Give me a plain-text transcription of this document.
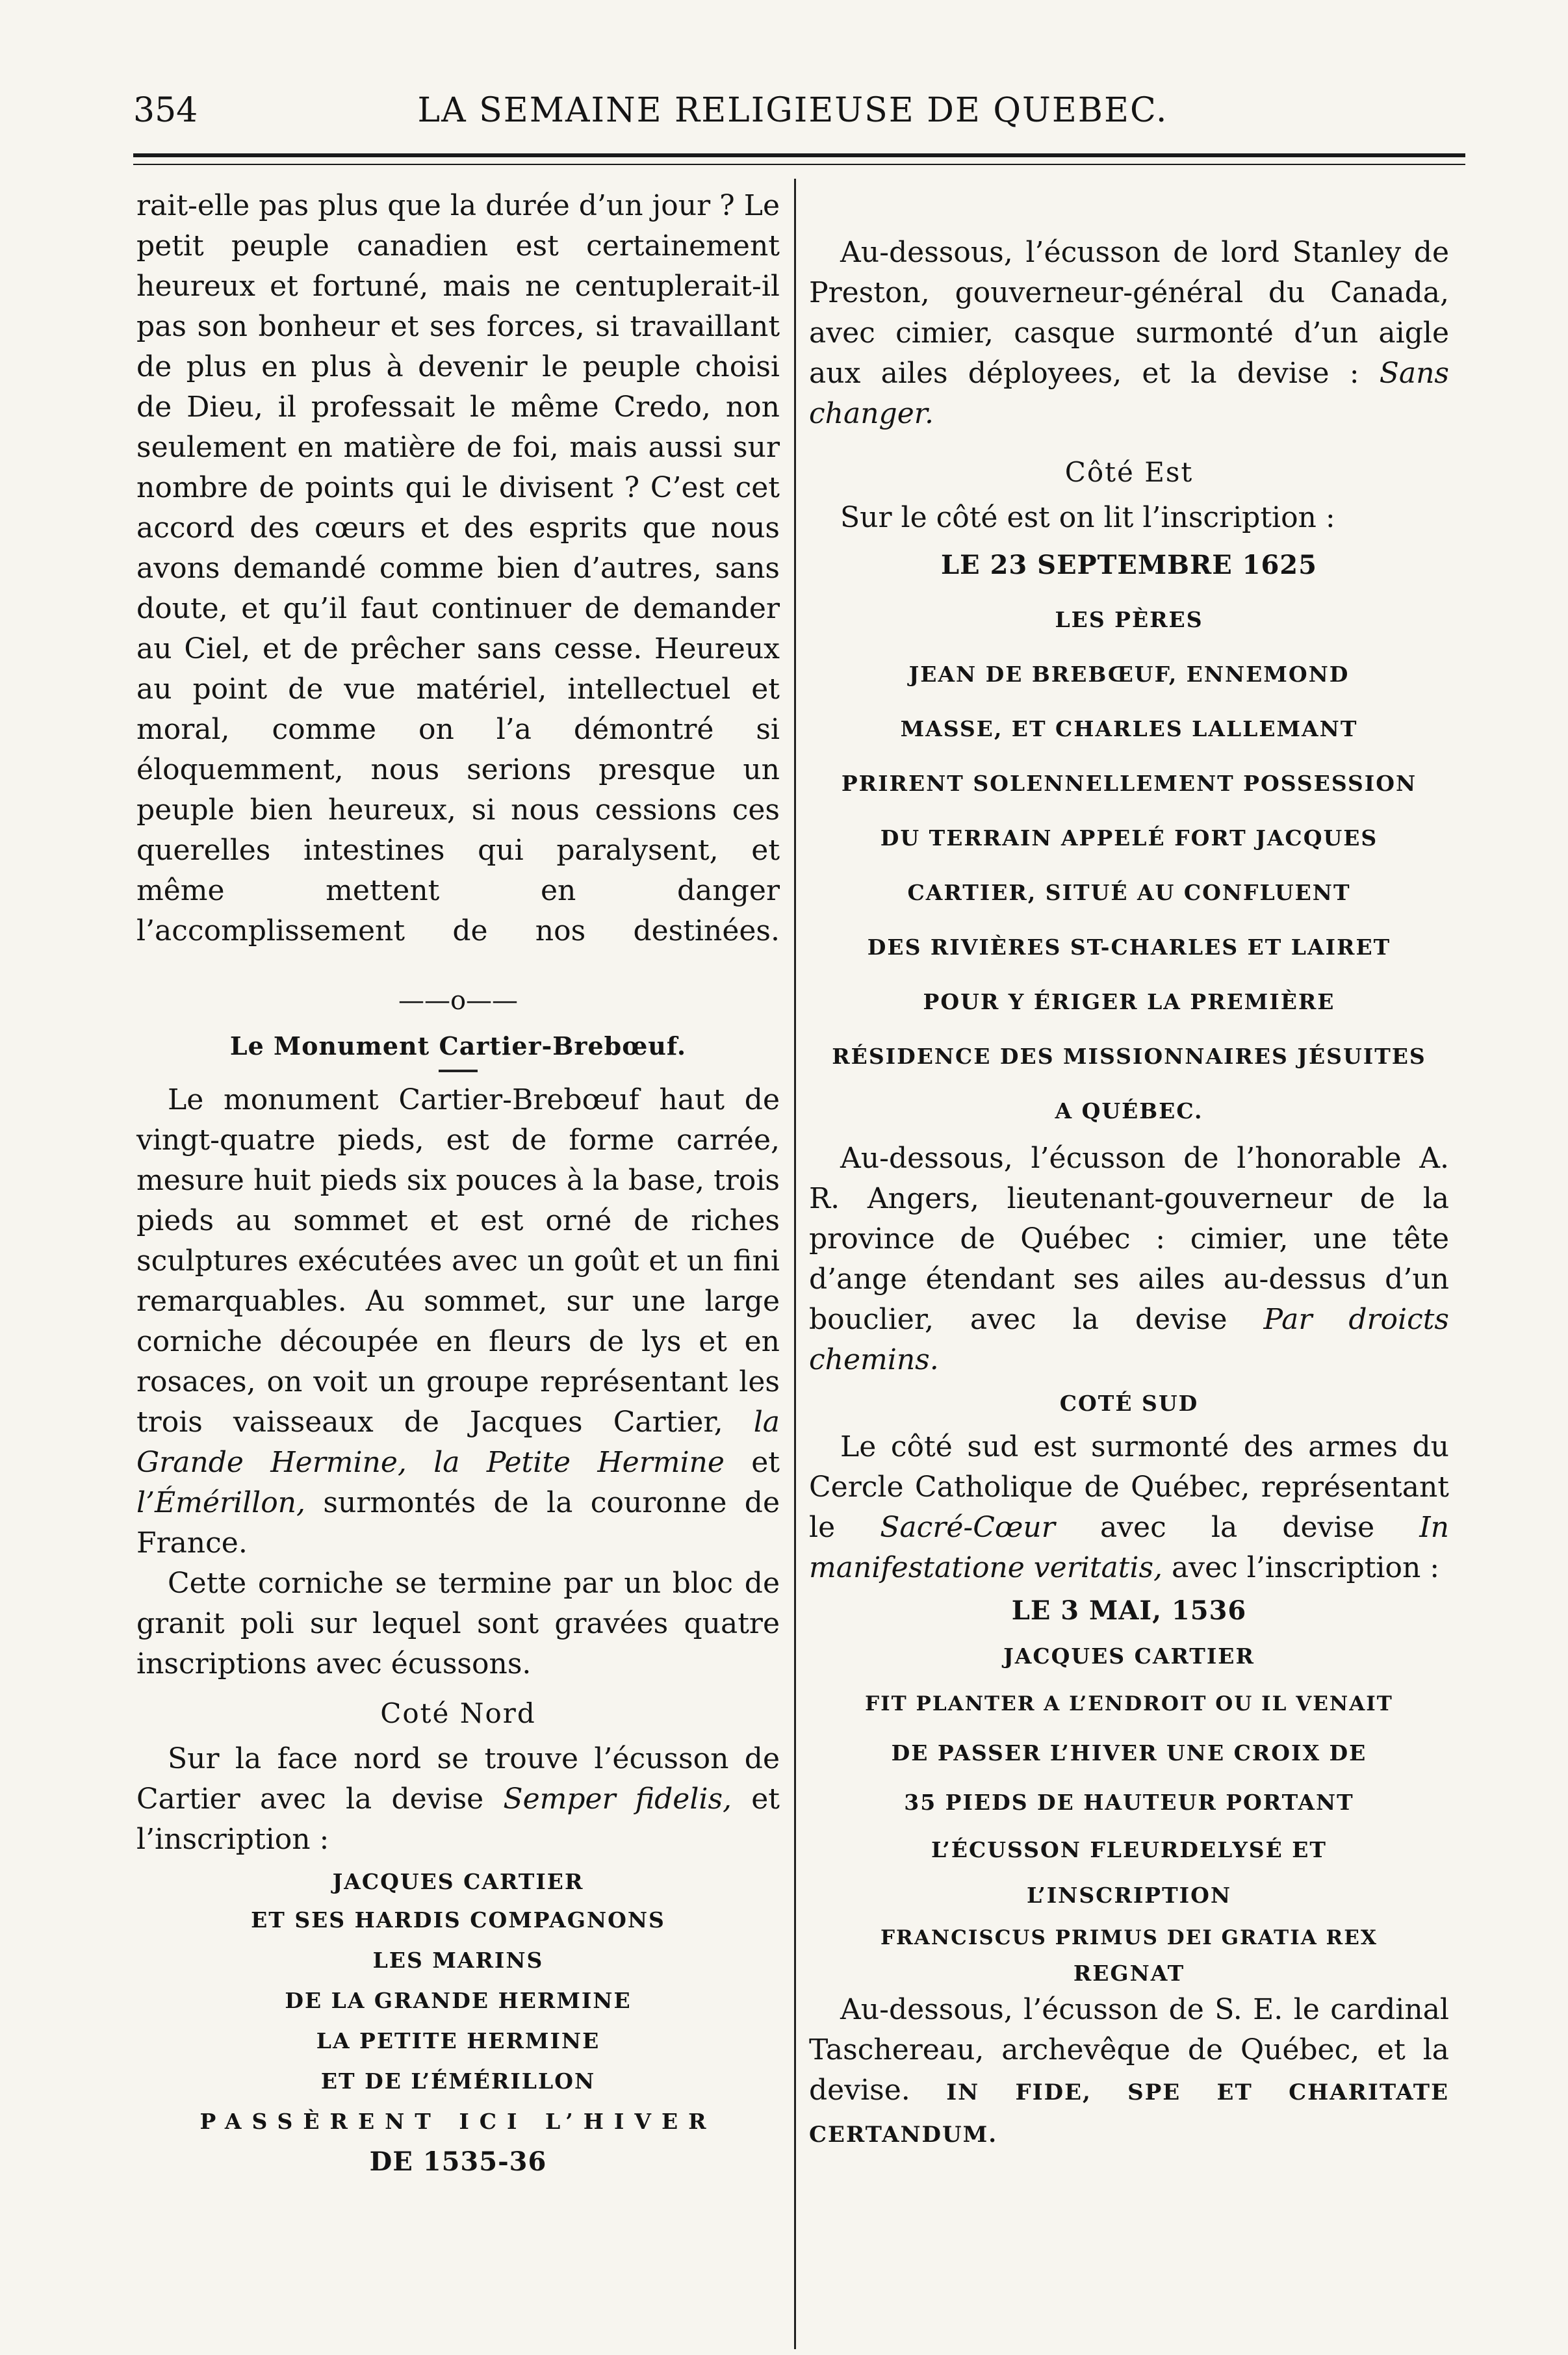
354	LA SEMAINE RELIGIEUSE DE QUEBEC.

rait-elle pas plus que la durée d’un jour ? Le petit peuple canadien est certainement heureux et fortuné, mais ne centuplerait-il pas son bonheur et ses forces, si travaillant de plus en plus à devenir le peuple choisi de Dieu, il professait le même Credo, non seulement en matière de foi, mais aussi sur nombre de points qui le divisent ? C’est cet accord des cœurs et des esprits que nous avons demandé comme bien d’autres, sans doute, et qu’il faut continuer de demander au Ciel, et de prêcher sans cesse. Heureux au point de vue matériel, intellectuel et moral, comme on l’a démontré si éloquemment, nous serions presque un peuple bien heureux, si nous cessions ces querelles intestines qui paralysent, et même mettent en danger l’accomplissement de nos destinées.

——o——
Le Monument Cartier-Brebœuf.

Le monument Cartier-Brebœuf haut de vingt-quatre pieds, est de forme carrée, mesure huit pieds six pouces à la base, trois pieds au sommet et est orné de riches sculptures exécutées avec un goût et un fini remarquables. Au sommet, sur une large corniche découpée en fleurs de lys et en rosaces, on voit un groupe représentant les trois vaisseaux de Jacques Cartier, la Grande Hermine, la Petite Hermine et l’Émérillon, surmontés de la couronne de France.

Cette corniche se termine par un bloc de granit poli sur lequel sont gravées quatre inscriptions avec écussons.

Coté Nord

Sur la face nord se trouve l’écusson de Cartier avec la devise Semper fidelis, et l’inscription :

JACQUES CARTIER
ET SES HARDIS COMPAGNONS
LES MARINS
DE LA GRANDE HERMINE
LA PETITE HERMINE
ET DE L’ÉMÉRILLON
PASSÈRENT ICI L’HIVER
DE 1535-36

Au-dessous, l’écusson de lord Stanley de Preston, gouverneur-général du Canada, avec cimier, casque surmonté d’un aigle aux ailes déployees, et la devise : Sans changer.

Côté Est

Sur le côté est on lit l’inscription :

LE 23 SEPTEMBRE 1625
LES PÈRES
JEAN DE BREBŒUF, ENNEMOND
MASSE, ET CHARLES LALLEMANT
PRIRENT SOLENNELLEMENT POSSESSION
DU TERRAIN APPELÉ FORT JACQUES
CARTIER, SITUÉ AU CONFLUENT
DES RIVIÈRES ST-CHARLES ET LAIRET
POUR Y ÉRIGER LA PREMIÈRE
RÉSIDENCE DES MISSIONNAIRES JÉSUITES
A QUÉBEC.

Au-dessous, l’écusson de l’honorable A. R. Angers, lieutenant-gouverneur de la province de Québec : cimier, une tête d’ange étendant ses ailes au-dessus d’un bouclier, avec la devise Par droicts chemins.

COTÉ SUD

Le côté sud est surmonté des armes du Cercle Catholique de Québec, représentant le Sacré-Cœur avec la devise In manifestatione veritatis, avec l’inscription :

LE 3 MAI, 1536
JACQUES CARTIER
FIT PLANTER A L’ENDROIT OU IL VENAIT
DE PASSER L’HIVER UNE CROIX DE
35 PIEDS DE HAUTEUR PORTANT
L’ÉCUSSON FLEURDELYSÉ ET
L’INSCRIPTION
FRANCISCUS PRIMUS DEI GRATIA REX
REGNAT

Au-dessous, l’écusson de S. E. le cardinal Taschereau, archevêque de Québec, et la devise. IN FIDE, SPE ET CHARITATE CERTANDUM.
